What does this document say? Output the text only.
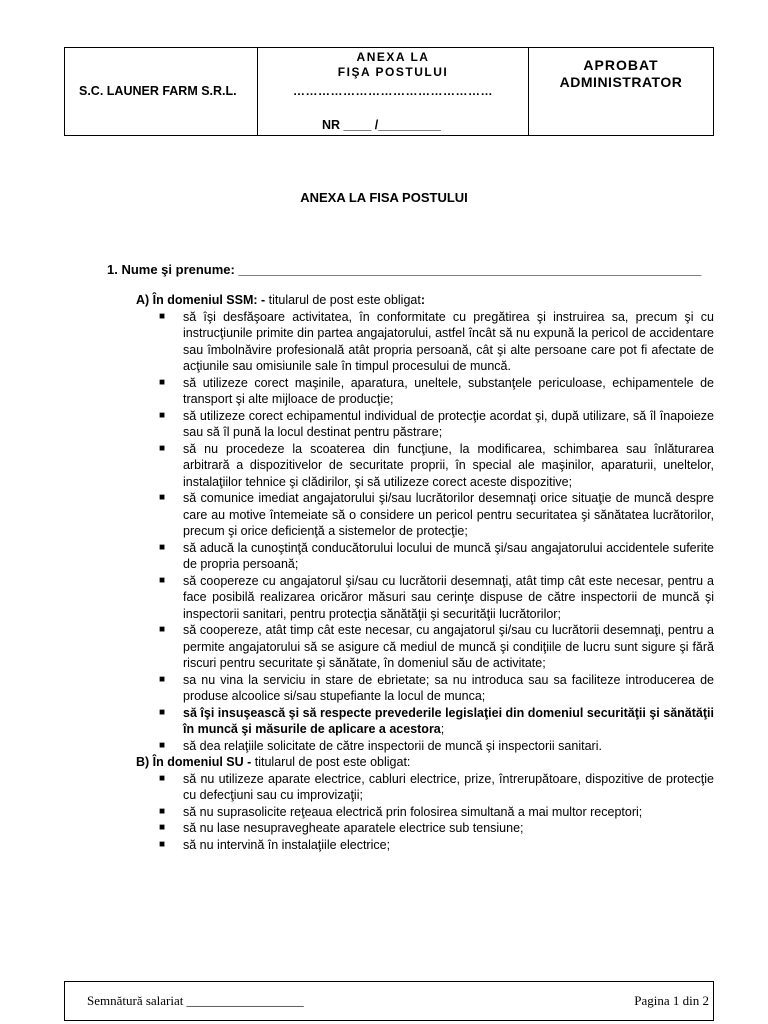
S.C. LAUNER FARM S.R.L.
ANEXA LA
FIŞA POSTULUI
…………………………………………
NR ____ /_________
APROBAT
ADMINISTRATOR
ANEXA LA FISA POSTULUI
1. Nume şi prenume: ________________________________________________________________
A) În domeniul SSM: - titularul de post este obligat:
■ să îşi desfăşoare activitatea, în conformitate cu pregătirea şi instruirea sa, precum şi cu instrucţiunile primite din partea angajatorului, astfel încât să nu expună la pericol de accidentare sau îmbolnăvire profesională atât propria persoană, cât şi alte persoane care pot fi afectate de acţiunile sau omisiunile sale în timpul procesului de muncă.
■ să utilizeze corect maşinile, aparatura, uneltele, substanţele periculoase, echipamentele de transport şi alte mijloace de producţie;
■ să utilizeze corect echipamentul individual de protecţie acordat şi, după utilizare, să îl înapoieze sau să îl pună la locul destinat pentru păstrare;
■ să nu procedeze la scoaterea din funcţiune, la modificarea, schimbarea sau înlăturarea arbitrară a dispozitivelor de securitate proprii, în special ale maşinilor, aparaturii, uneltelor, instalaţiilor tehnice şi clădirilor, şi să utilizeze corect aceste dispozitive;
■ să comunice imediat angajatorului şi/sau lucrătorilor desemnaţi orice situaţie de muncă despre care au motive întemeiate să o considere un pericol pentru securitatea şi sănătatea lucrătorilor, precum şi orice deficienţă a sistemelor de protecţie;
■ să aducă la cunoştinţă conducătorului locului de muncă şi/sau angajatorului accidentele suferite de propria persoană;
■ să coopereze cu angajatorul şi/sau cu lucrătorii desemnaţi, atât timp cât este necesar, pentru a face posibilă realizarea oricăror măsuri sau cerinţe dispuse de către inspectorii de muncă şi inspectorii sanitari, pentru protecţia sănătăţii şi securităţii lucrătorilor;
■ să coopereze, atât timp cât este necesar, cu angajatorul şi/sau cu lucrătorii desemnaţi, pentru a permite angajatorului să se asigure că mediul de muncă şi condiţiile de lucru sunt sigure şi fără riscuri pentru securitate şi sănătate, în domeniul său de activitate;
■ sa nu vina la serviciu in stare de ebrietate; sa nu introduca sau sa faciliteze introducerea de produse alcoolice si/sau stupefiante la locul de munca;
■ să îşi insuşească şi să respecte prevederile legislaţiei din domeniul securităţii şi sănătăţii în muncă şi măsurile de aplicare a acestora;
■ să dea relaţiile solicitate de către inspectorii de muncă şi inspectorii sanitari.
B) În domeniul SU - titularul de post este obligat:
■ să nu utilizeze aparate electrice, cabluri electrice, prize, întrerupătoare, dispozitive de protecţie cu defecţiuni sau cu improvizaţii;
■ să nu suprasolicite reţeaua electrică prin folosirea simultană a mai multor receptori;
■ să nu lase nesupravegheate aparatele electrice sub tensiune;
■ să nu intervină în instalaţiile electrice;
Semnătură salariat __________________	Pagina 1 din 2
